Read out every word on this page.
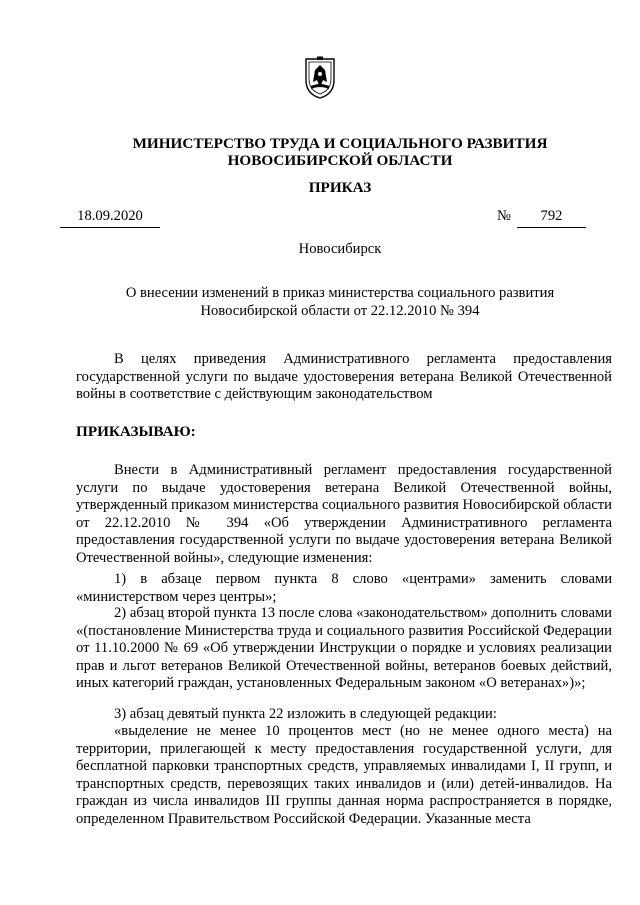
МИНИСТЕРСТВО ТРУДА И СОЦИАЛЬНОГО РАЗВИТИЯ
НОВОСИБИРСКОЙ ОБЛАСТИ
ПРИКАЗ
18.09.2020	№	792
Новосибирск
О внесении изменений в приказ министерства социального развития Новосибирской области от 22.12.2010 № 394
В целях приведения Административного регламента предоставления государственной услуги по выдаче удостоверения ветерана Великой Отечественной войны в соответствие с действующим законодательством
ПРИКАЗЫВАЮ:
Внести в Административный регламент предоставления государственной услуги по выдаче удостоверения ветерана Великой Отечественной войны, утвержденный приказом министерства социального развития Новосибирской области от 22.12.2010 № 394 «Об утверждении Административного регламента предоставления государственной услуги по выдаче удостоверения ветерана Великой Отечественной войны», следующие изменения:
1) в абзаце первом пункта 8 слово «центрами» заменить словами «министерством через центры»;
2) абзац второй пункта 13 после слова «законодательством» дополнить словами «(постановление Министерства труда и социального развития Российской Федерации от 11.10.2000 № 69 «Об утверждении Инструкции о порядке и условиях реализации прав и льгот ветеранов Великой Отечественной войны, ветеранов боевых действий, иных категорий граждан, установленных Федеральным законом «О ветеранах»)»;
3) абзац девятый пункта 22 изложить в следующей редакции:
«выделение не менее 10 процентов мест (но не менее одного места) на территории, прилегающей к месту предоставления государственной услуги, для бесплатной парковки транспортных средств, управляемых инвалидами I, II групп, и транспортных средств, перевозящих таких инвалидов и (или) детей-инвалидов. На граждан из числа инвалидов III группы данная норма распространяется в порядке, определенном Правительством Российской Федерации. Указанные места
